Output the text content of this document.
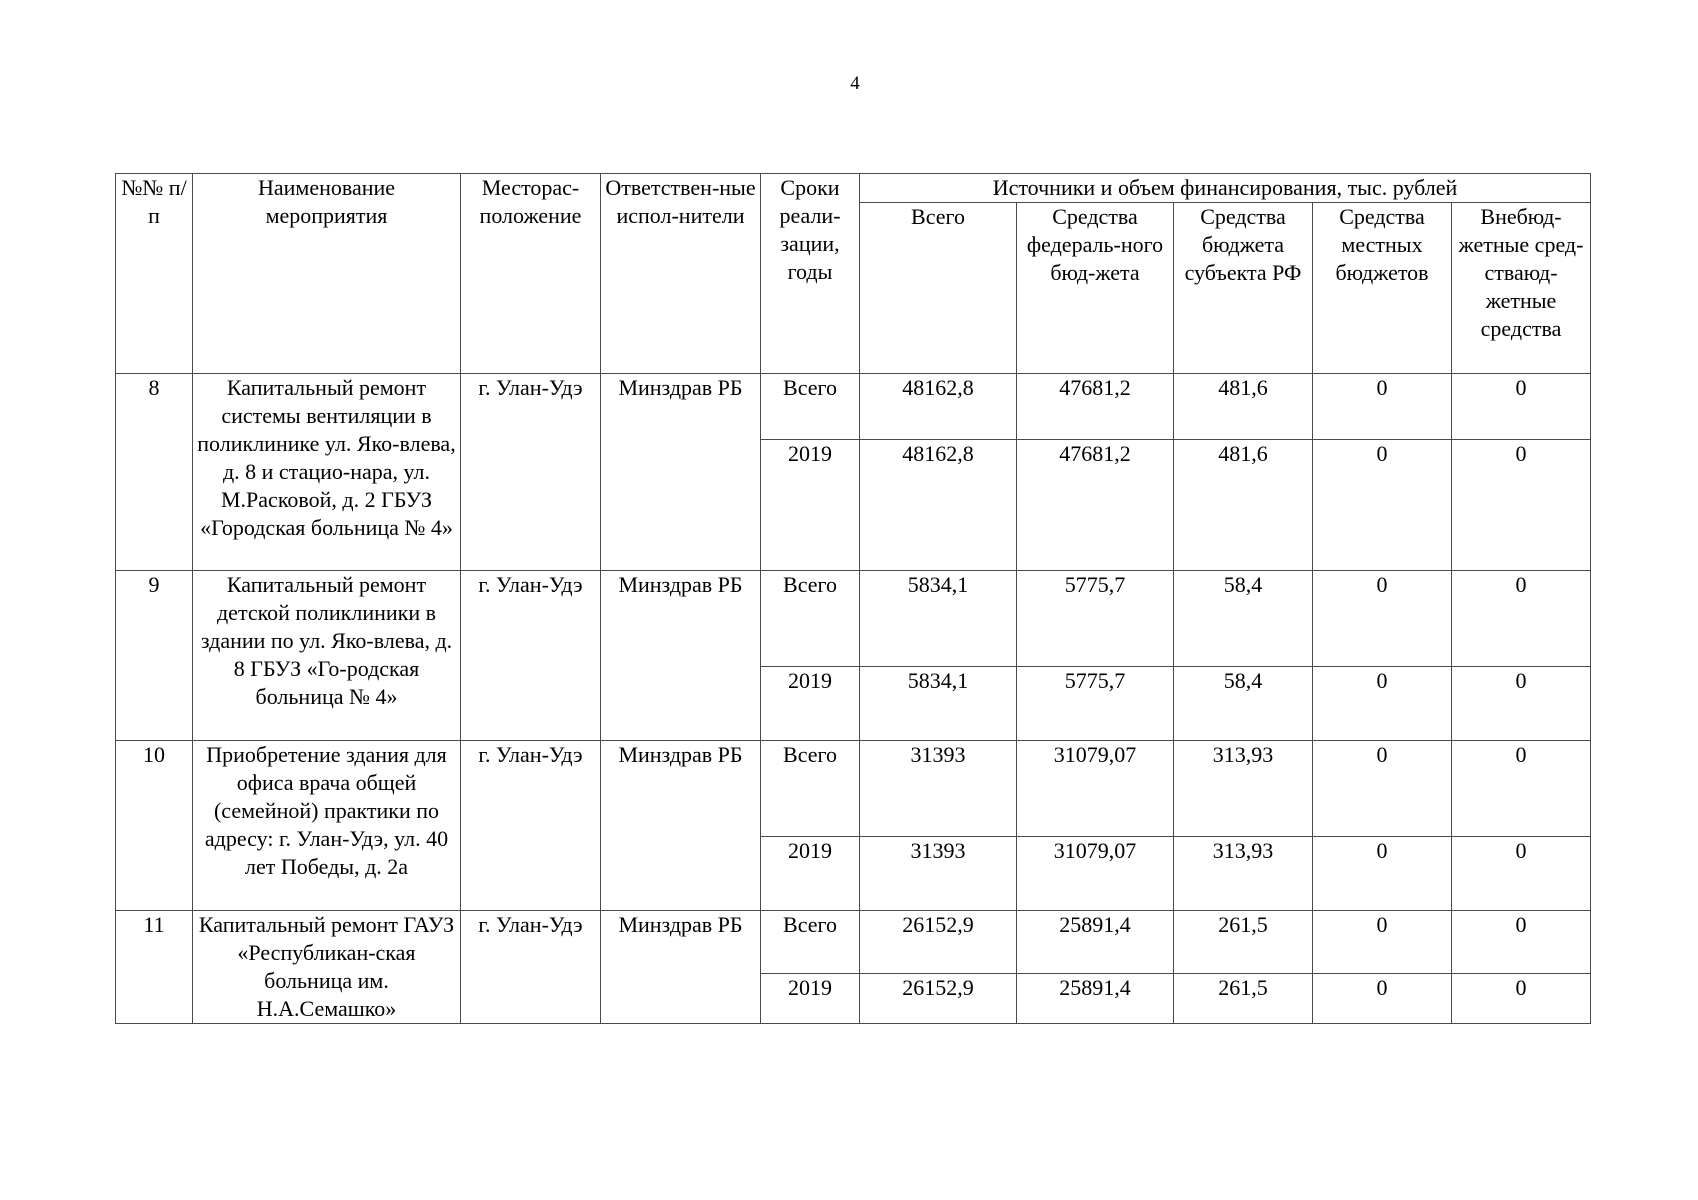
4
№№ п/п	Наименование мероприятия	Месторас-положение	Ответствен-ные испол-нители	Сроки реали-зации, годы	Источники и объем финансирования, тыс. рублей				
					Всего	Средства федераль-ного бюд-жета	Средства бюджета субъекта РФ	Средства местных бюджетов	Внебюд-жетные сред-стваюд-жетные средства
8	Капитальный ремонт системы вентиляции в поликлинике ул. Яко-влева, д. 8 и стацио-нара, ул. М.Расковой, д. 2 ГБУЗ «Городская больница № 4»	г. Улан-Удэ	Минздрав РБ	Всего	48162,8	47681,2	481,6	0	0
				2019	48162,8	47681,2	481,6	0	0
9	Капитальный ремонт детской поликлиники в здании по ул. Яко-влева, д. 8 ГБУЗ «Го-родская больница № 4»	г. Улан-Удэ	Минздрав РБ	Всего	5834,1	5775,7	58,4	0	0
				2019	5834,1	5775,7	58,4	0	0
10	Приобретение здания для офиса врача общей (семейной) практики по адресу: г. Улан-Удэ, ул. 40 лет Победы, д. 2а	г. Улан-Удэ	Минздрав РБ	Всего	31393	31079,07	313,93	0	0
				2019	31393	31079,07	313,93	0	0
11	Капитальный ремонт ГАУЗ «Республикан-ская больница им. Н.А.Семашко»	г. Улан-Удэ	Минздрав РБ	Всего	26152,9	25891,4	261,5	0	0
				2019	26152,9	25891,4	261,5	0	0
